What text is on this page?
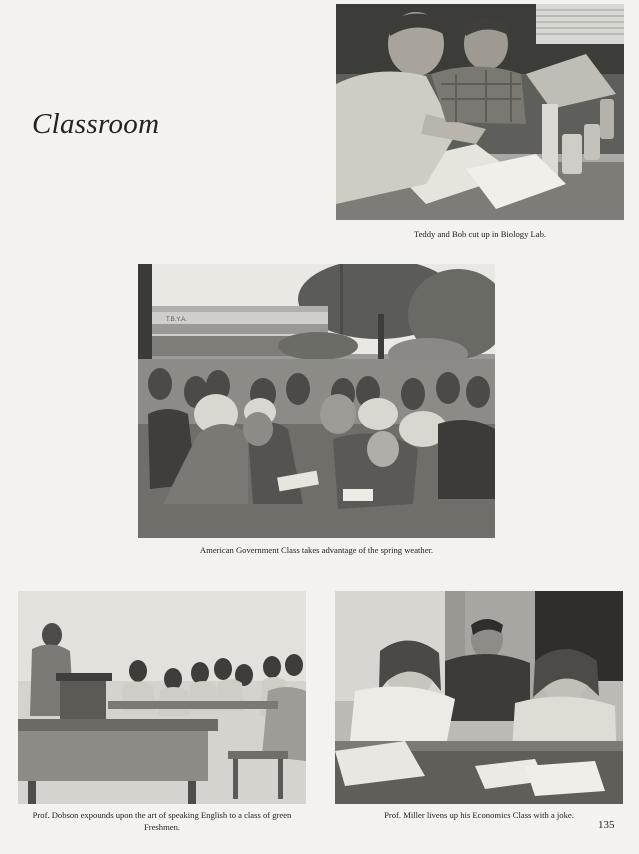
Classroom
Teddy and Bob cut up in Biology Lab.
T.B.Y.A.
American Government Class takes advantage of the spring weather.
Prof. Dobson expounds upon the art of speaking English to a class of green Freshmen.
Prof. Miller livens up his Economics Class with a joke.
135
